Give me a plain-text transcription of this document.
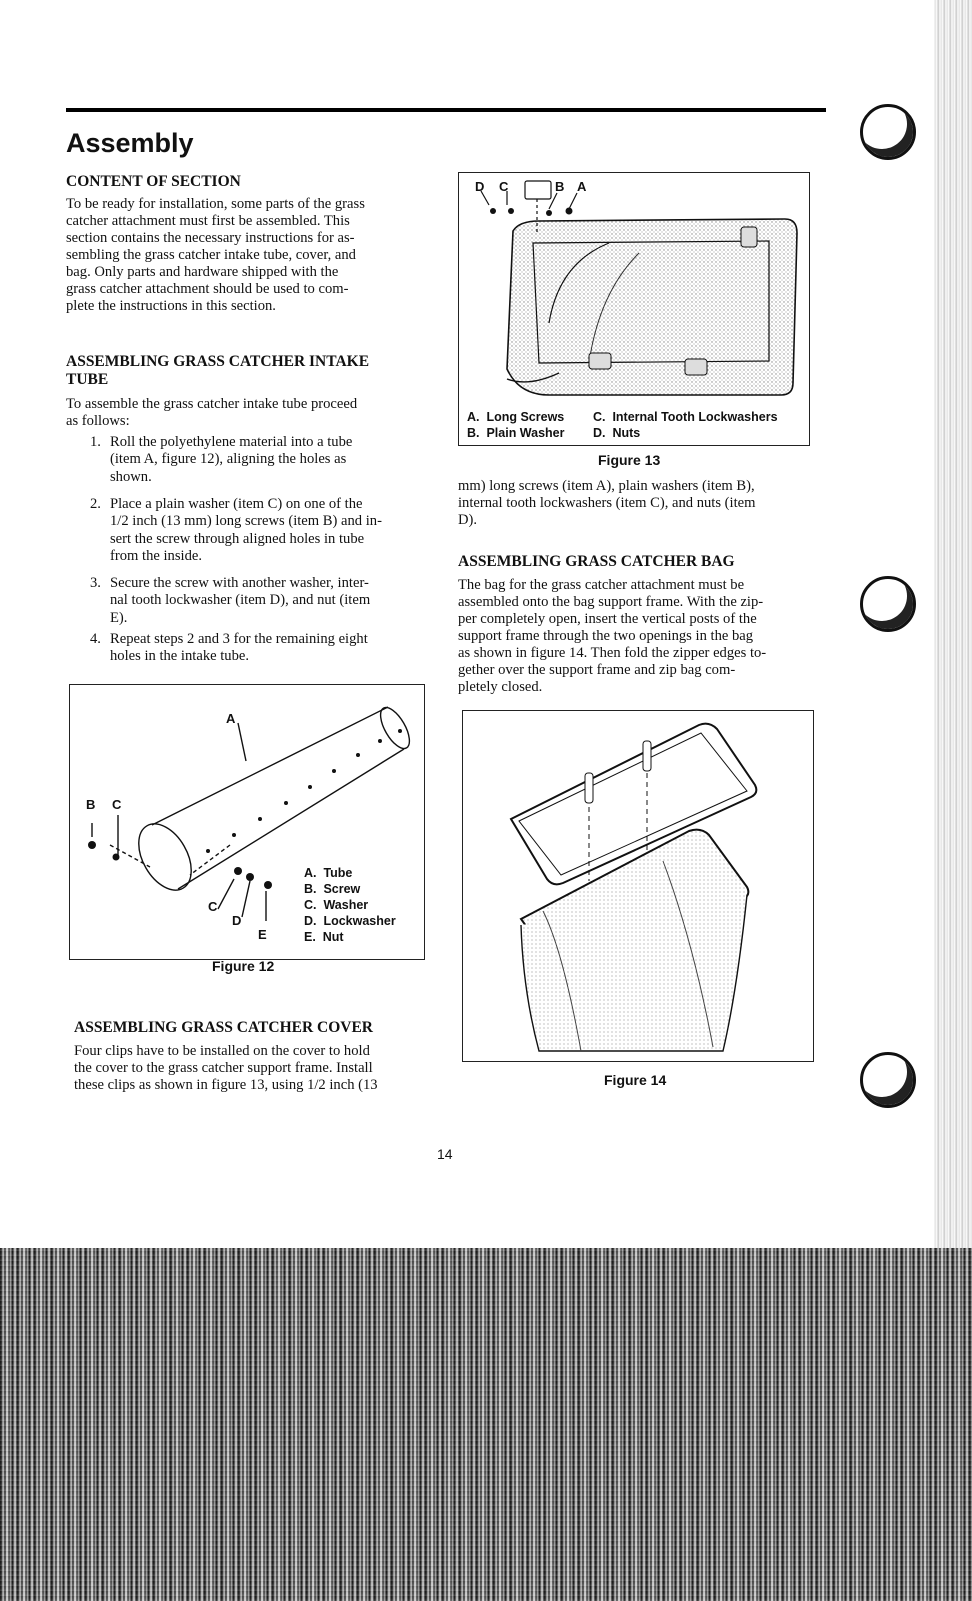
Assembly
CONTENT OF SECTION
To be ready for installation, some parts of the grass
catcher attachment must first be assembled. This
section contains the necessary instructions for as-
sembling the grass catcher intake tube, cover, and
bag. Only parts and hardware shipped with the
grass catcher attachment should be used to com-
plete the instructions in this section.
ASSEMBLING GRASS CATCHER INTAKE
TUBE
To assemble the grass catcher intake tube proceed
as follows:
1. Roll the polyethylene material into a tube
(item A, figure 12), aligning the holes as
shown.
2. Place a plain washer (item C) on one of the
1/2 inch (13 mm) long screws (item B) and in-
sert the screw through aligned holes in tube
from the inside.
3. Secure the screw with another washer, inter-
nal tooth lockwasher (item D), and nut (item
E).
4. Repeat steps 2 and 3 for the remaining eight
holes in the intake tube.
A
B C
C
D
E
A. Tube
B. Screw
C. Washer
D. Lockwasher
E. Nut
Figure 12
ASSEMBLING GRASS CATCHER COVER
Four clips have to be installed on the cover to hold
the cover to the grass catcher support frame. Install
these clips as shown in figure 13, using 1/2 inch (13
D C	B A
A. Long Screws C. Internal Tooth Lockwashers
B. Plain Washer D. Nuts
Figure 13
mm) long screws (item A), plain washers (item B),
internal tooth lockwashers (item C), and nuts (item
D).
ASSEMBLING GRASS CATCHER BAG
The bag for the grass catcher attachment must be
assembled onto the bag support frame. With the zip-
per completely open, insert the vertical posts of the
support frame through the two openings in the bag
as shown in figure 14. Then fold the zipper edges to-
gether over the support frame and zip bag com-
pletely closed.
Figure 14
14
